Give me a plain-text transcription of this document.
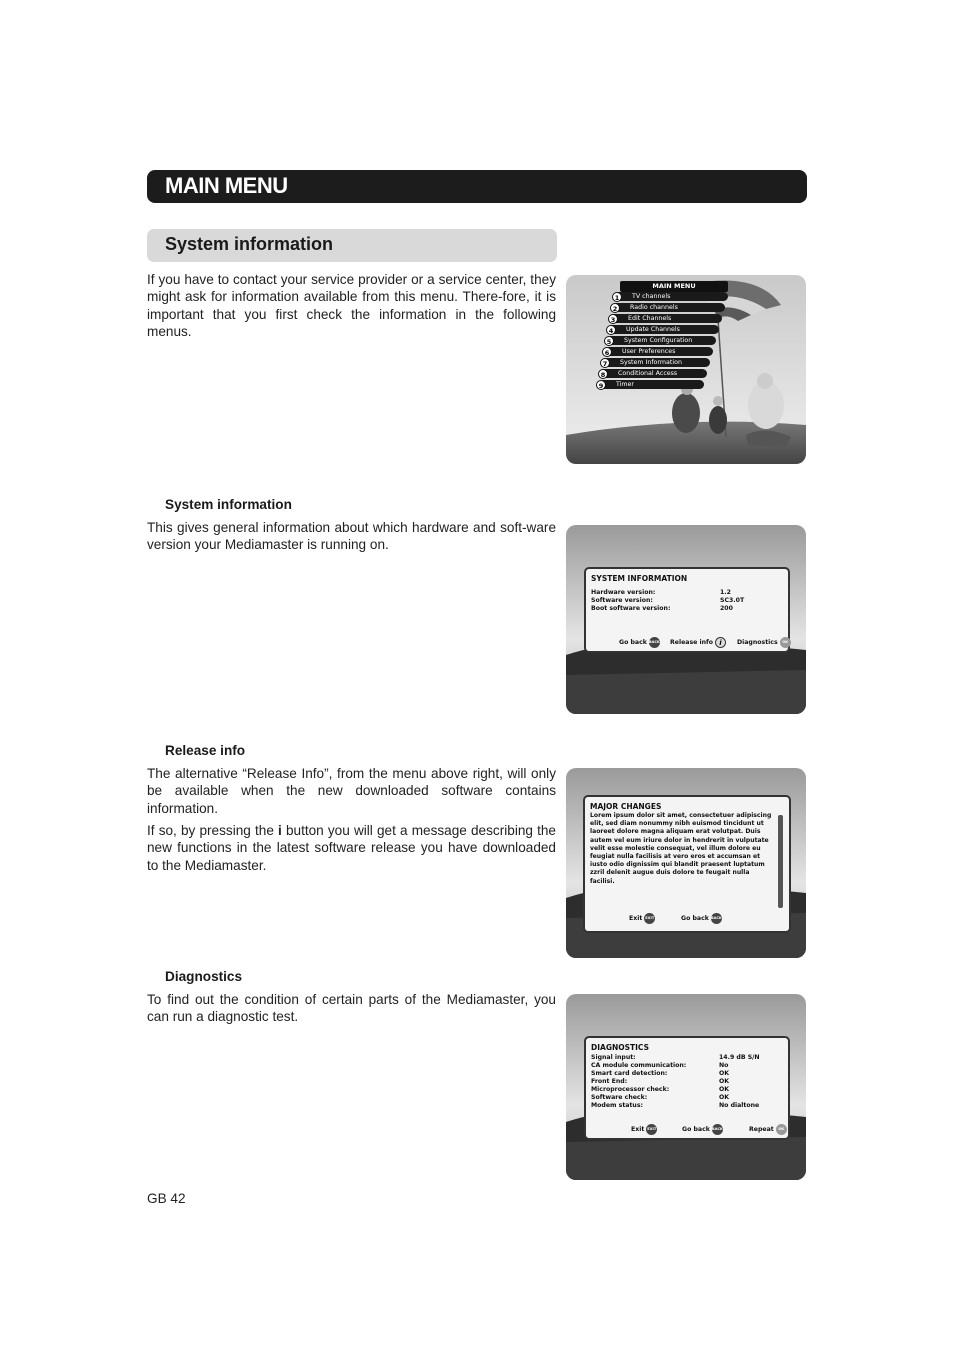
MAIN MENU
System information
If you have to contact your service provider or a service center, they might ask for information available from this menu. There-fore, it is important that you first check the information in the following menus.
MAIN MENU
TV channels
1
Radio channels
2
Edit Channels
3
Update Channels
4
System Configuration
5
User Preferences
6
System Information
7
Conditional Access
8
Timer
9
System information
This gives general information about which hardware and soft-ware version your Mediamaster is running on.
SYSTEM INFORMATION
Hardware version:	1.2
Software version:	SC3.0T
Boot software version:	200
Go back BACK Release info i	Diagnostics	OK
Release info
The alternative “Release Info”, from the menu above right, will only be available when the new downloaded software contains information.
If so, by pressing the i button you will get a message describing the new functions in the latest software release you have downloaded to the Mediamaster.
MAJOR CHANGES
Lorem ipsum dolor sit amet, consectetuer adipiscing elit, sed diam nonummy nibh euismod tincidunt ut laoreet dolore magna aliquam erat volutpat. Duis autem vel eum iriure dolor in hendrerit in vulputate velit esse molestie consequat, vel illum dolore eu feugiat nulla facilisis at vero eros et accumsan et iusto odio dignissim qui blandit praesent luptatum zzril delenit augue duis dolore te feugait nulla facilisi.
Exit EXIT	Go back BACK
Diagnostics
To find out the condition of certain parts of the Mediamaster, you can run a diagnostic test.
DIAGNOSTICS
Signal input:	14.9 dB S/N
CA module communication:	No
Smart card detection:	OK
Front End:	OK
Microprocessor check:	OK
Software check:	OK
Modem status:	No dialtone
Exit EXIT	Go back BACK	Repeat	OK
GB 42
